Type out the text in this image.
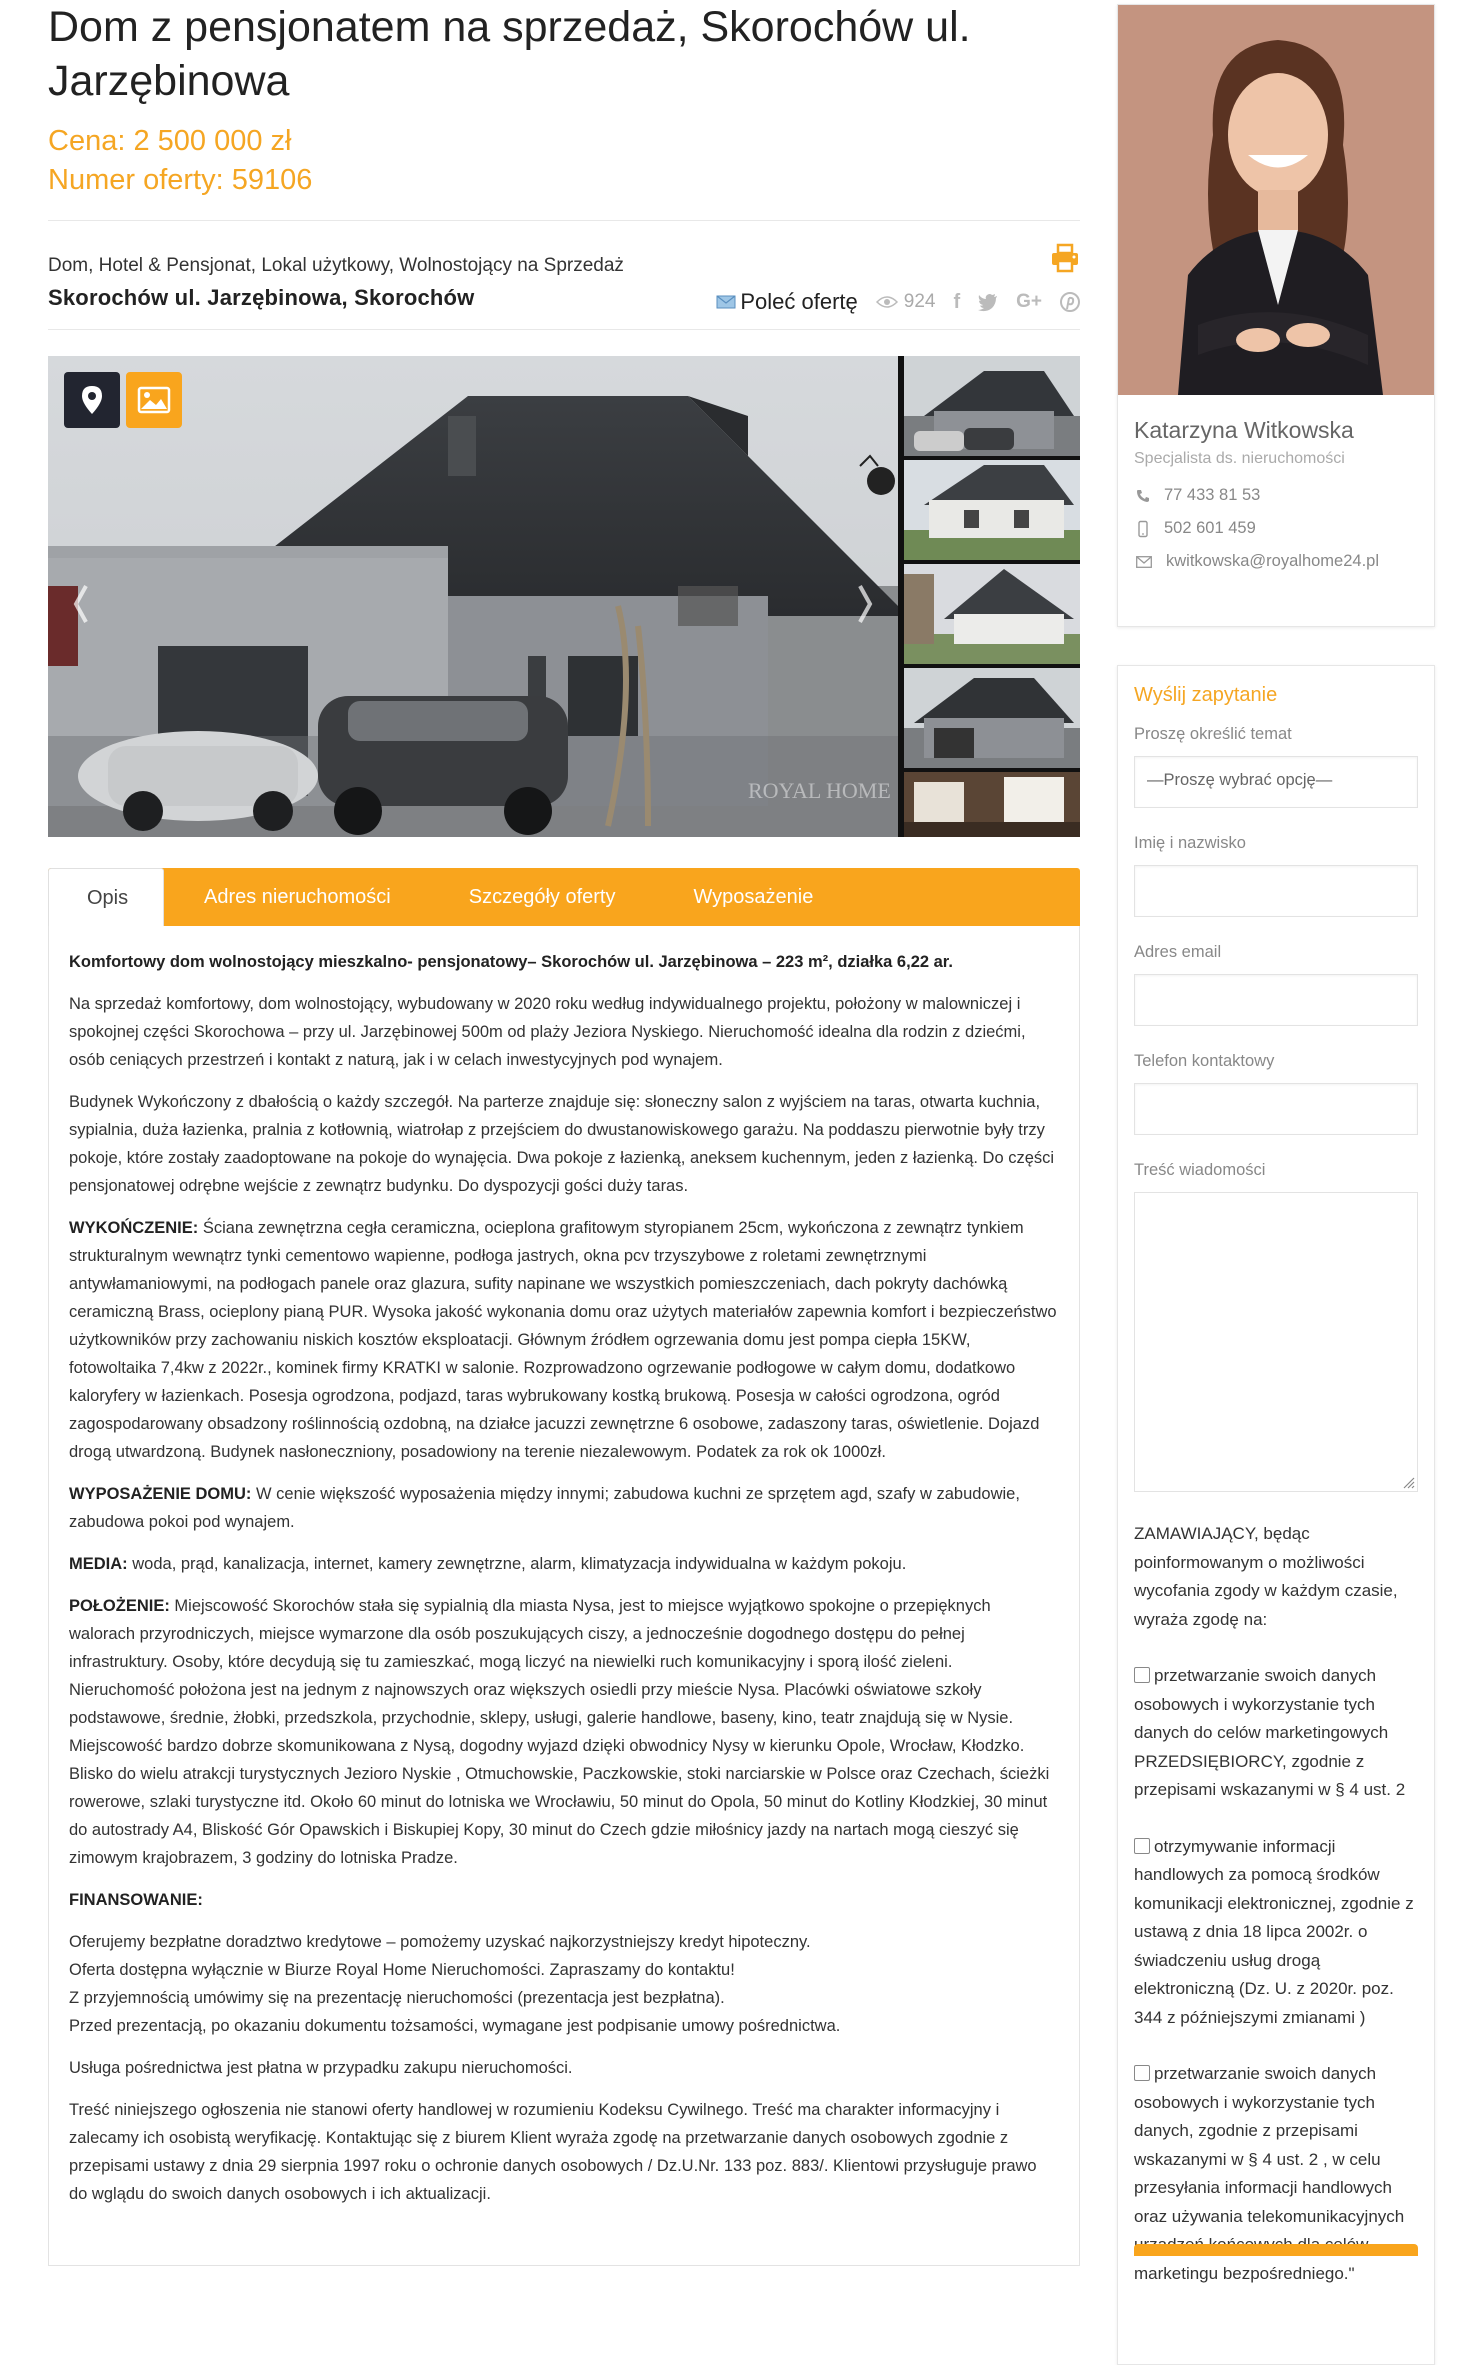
Dom z pensjonatem na sprzedaż, Skorochów ul. Jarzębinowa
Cena: 2 500 000 zł
Numer oferty: 59106
Dom, Hotel & Pensjonat, Lokal użytkowy, Wolnostojący na Sprzedaż
Skorochów ul. Jarzębinowa, Skorochów	Poleć ofertę 924 f	G+
ROYAL HOME
Opis	Adres nieruchomości	Szczegóły oferty	Wyposażenie

Komfortowy dom wolnostojący mieszkalno- pensjonatowy– Skorochów ul. Jarzębinowa – 223 m², działka 6,22 ar.

Na sprzedaż komfortowy, dom wolnostojący, wybudowany w 2020 roku według indywidualnego projektu, położony w malowniczej i spokojnej części Skorochowa – przy ul. Jarzębinowej 500m od plaży Jeziora Nyskiego. Nieruchomość idealna dla rodzin z dziećmi, osób ceniących przestrzeń i kontakt z naturą, jak i w celach inwestycyjnych pod wynajem.

Budynek Wykończony z dbałością o każdy szczegół. Na parterze znajduje się: słoneczny salon z wyjściem na taras, otwarta kuchnia, sypialnia, duża łazienka, pralnia z kotłownią, wiatrołap z przejściem do dwustanowiskowego garażu. Na poddaszu pierwotnie były trzy pokoje, które zostały zaadoptowane na pokoje do wynajęcia. Dwa pokoje z łazienką, aneksem kuchennym, jeden z łazienką. Do części pensjonatowej odrębne wejście z zewnątrz budynku. Do dyspozycji gości duży taras.

WYKOŃCZENIE: Ściana zewnętrzna cegła ceramiczna, ocieplona grafitowym styropianem 25cm, wykończona z zewnątrz tynkiem strukturalnym wewnątrz tynki cementowo wapienne, podłoga jastrych, okna pcv trzyszybowe z roletami zewnętrznymi antywłamaniowymi, na podłogach panele oraz glazura, sufity napinane we wszystkich pomieszczeniach, dach pokryty dachówką ceramiczną Brass, ocieplony pianą PUR. Wysoka jakość wykonania domu oraz użytych materiałów zapewnia komfort i bezpieczeństwo użytkowników przy zachowaniu niskich kosztów eksploatacji. Głównym źródłem ogrzewania domu jest pompa ciepła 15KW, fotowoltaika 7,4kw z 2022r., kominek firmy KRATKI w salonie. Rozprowadzono ogrzewanie podłogowe w całym domu, dodatkowo kaloryfery w łazienkach. Posesja ogrodzona, podjazd, taras wybrukowany kostką brukową. Posesja w całości ogrodzona, ogród zagospodarowany obsadzony roślinnością ozdobną, na działce jacuzzi zewnętrzne 6 osobowe, zadaszony taras, oświetlenie. Dojazd drogą utwardzoną. Budynek nasłoneczniony, posadowiony na terenie niezalewowym. Podatek za rok ok 1000zł.

WYPOSAŻENIE DOMU: W cenie większość wyposażenia między innymi; zabudowa kuchni ze sprzętem agd, szafy w zabudowie, zabudowa pokoi pod wynajem.

MEDIA: woda, prąd, kanalizacja, internet, kamery zewnętrzne, alarm, klimatyzacja indywidualna w każdym pokoju.

POŁOŻENIE: Miejscowość Skorochów stała się sypialnią dla miasta Nysa, jest to miejsce wyjątkowo spokojne o przepięknych walorach przyrodniczych, miejsce wymarzone dla osób poszukujących ciszy, a jednocześnie dogodnego dostępu do pełnej infrastruktury. Osoby, które decydują się tu zamieszkać, mogą liczyć na niewielki ruch komunikacyjny i sporą ilość zieleni. Nieruchomość położona jest na jednym z najnowszych oraz większych osiedli przy mieście Nysa. Placówki oświatowe szkoły podstawowe, średnie, żłobki, przedszkola, przychodnie, sklepy, usługi, galerie handlowe, baseny, kino, teatr znajdują się w Nysie. Miejscowość bardzo dobrze skomunikowana z Nysą, dogodny wyjazd dzięki obwodnicy Nysy w kierunku Opole, Wrocław, Kłodzko. Blisko do wielu atrakcji turystycznych Jezioro Nyskie , Otmuchowskie, Paczkowskie, stoki narciarskie w Polsce oraz Czechach, ścieżki rowerowe, szlaki turystyczne itd. Około 60 minut do lotniska we Wrocławiu, 50 minut do Opola, 50 minut do Kotliny Kłodzkiej, 30 minut do autostrady A4, Bliskość Gór Opawskich i Biskupiej Kopy, 30 minut do Czech gdzie miłośnicy jazdy na nartach mogą cieszyć się zimowym krajobrazem, 3 godziny do lotniska Pradze.

FINANSOWANIE:

Oferujemy bezpłatne doradztwo kredytowe – pomożemy uzyskać najkorzystniejszy kredyt hipoteczny.
Oferta dostępna wyłącznie w Biurze Royal Home Nieruchomości. Zapraszamy do kontaktu!
Z przyjemnością umówimy się na prezentację nieruchomości (prezentacja jest bezpłatna).
Przed prezentacją, po okazaniu dokumentu tożsamości, wymagane jest podpisanie umowy pośrednictwa.

Usługa pośrednictwa jest płatna w przypadku zakupu nieruchomości.

Treść niniejszego ogłoszenia nie stanowi oferty handlowej w rozumieniu Kodeksu Cywilnego. Treść ma charakter informacyjny i zalecamy ich osobistą weryfikację. Kontaktując się z biurem Klient wyraża zgodę na przetwarzanie danych osobowych zgodnie z przepisami ustawy z dnia 29 sierpnia 1997 roku o ochronie danych osobowych / Dz.U.Nr. 133 poz. 883/. Klientowi przysługuje prawo do wglądu do swoich danych osobowych i ich aktualizacji.

Katarzyna Witkowska
Specjalista ds. nieruchomości
77 433 81 53
502 601 459
kwitkowska@royalhome24.pl
Wyślij zapytanie
Proszę określić temat
—Proszę wybrać opcję—
Imię i nazwisko
Adres email
Telefon kontaktowy
Treść wiadomości
ZAMAWIAJĄCY, będąc poinformowanym o możliwości wycofania zgody w każdym czasie, wyraża zgodę na:
przetwarzanie swoich danych osobowych i wykorzystanie tych danych do celów marketingowych PRZEDSIĘBIORCY, zgodnie z przepisami wskazanymi w § 4 ust. 2
otrzymywanie informacji handlowych za pomocą środków komunikacji elektronicznej, zgodnie z ustawą z dnia 18 lipca 2002r. o świadczeniu usług drogą elektroniczną (Dz. U. z 2020r. poz. 344 z późniejszymi zmianami )
przetwarzanie swoich danych osobowych i wykorzystanie tych danych, zgodnie z przepisami wskazanymi w § 4 ust. 2 , w celu przesyłania informacji handlowych oraz używania telekomunikacyjnych marketingu bezpośredniego."
